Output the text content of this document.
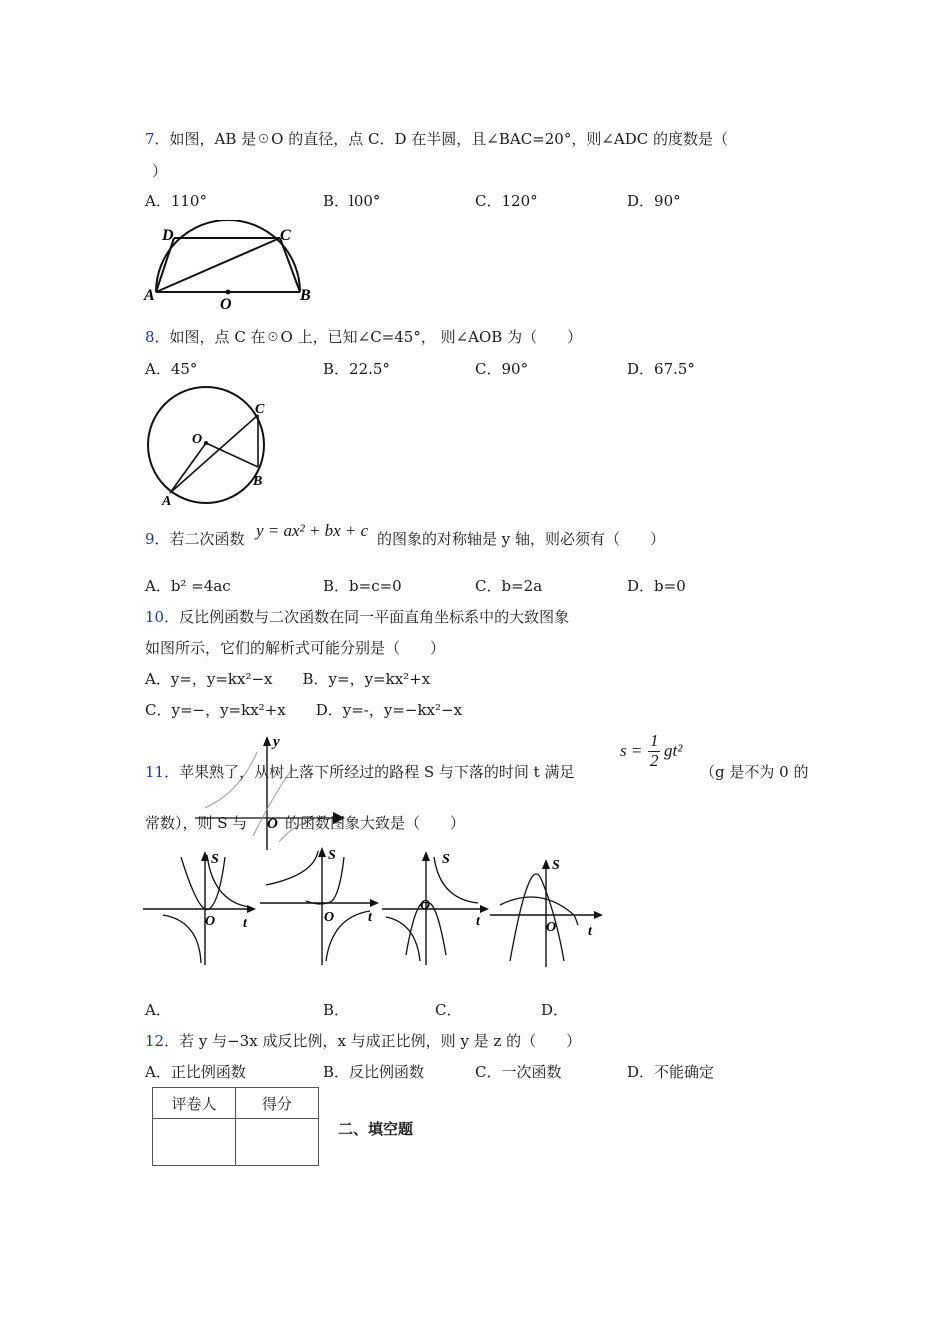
7．如图，AB 是☉O 的直径，点 C．D 在半圆，且∠BAC=20°，则∠ADC 的度数是（
）
A．110°	B．l00°	C．120°	D．90°
D	C
A
O
B
8．如图，点 C 在☉O 上，已知∠C=45°， 则∠AOB 为（　　）
A．45°	B．22.5°	C．90°	D．67.5°
O
C
A
B
9．若二次函数 y = ax² + bx + c 的图象的对称轴是 y 轴，则必须有（　　）
A．b² =4ac	B．b=c=0	C．b=2a	D．b=0
10．反比例函数与二次函数在同一平面直角坐标系中的大致图象
如图所示，它们的解析式可能分别是（　　）
A．y=，y=kx²−x　　B．y=，y=kx²+x
C．y=−，y=kx²+x　　D．y=-，y=−kx²−x
y
O
11．苹果熟了，从树上落下所经过的路程 S 与下落的时间 t 满足
s =
1
2
gt²
（g 是不为 0 的
常数），则 S 与	的函数图象大致是（　　）
S
O t
S
O t
S
O
t
S
O t
A．	B．	C．	D．
12．若 y 与−3x 成反比例，x 与成正比例，则 y 是 z 的（　　）
A．正比例函数	B．反比例函数	C．一次函数	D．不能确定
评卷人	得分

二、填空题
